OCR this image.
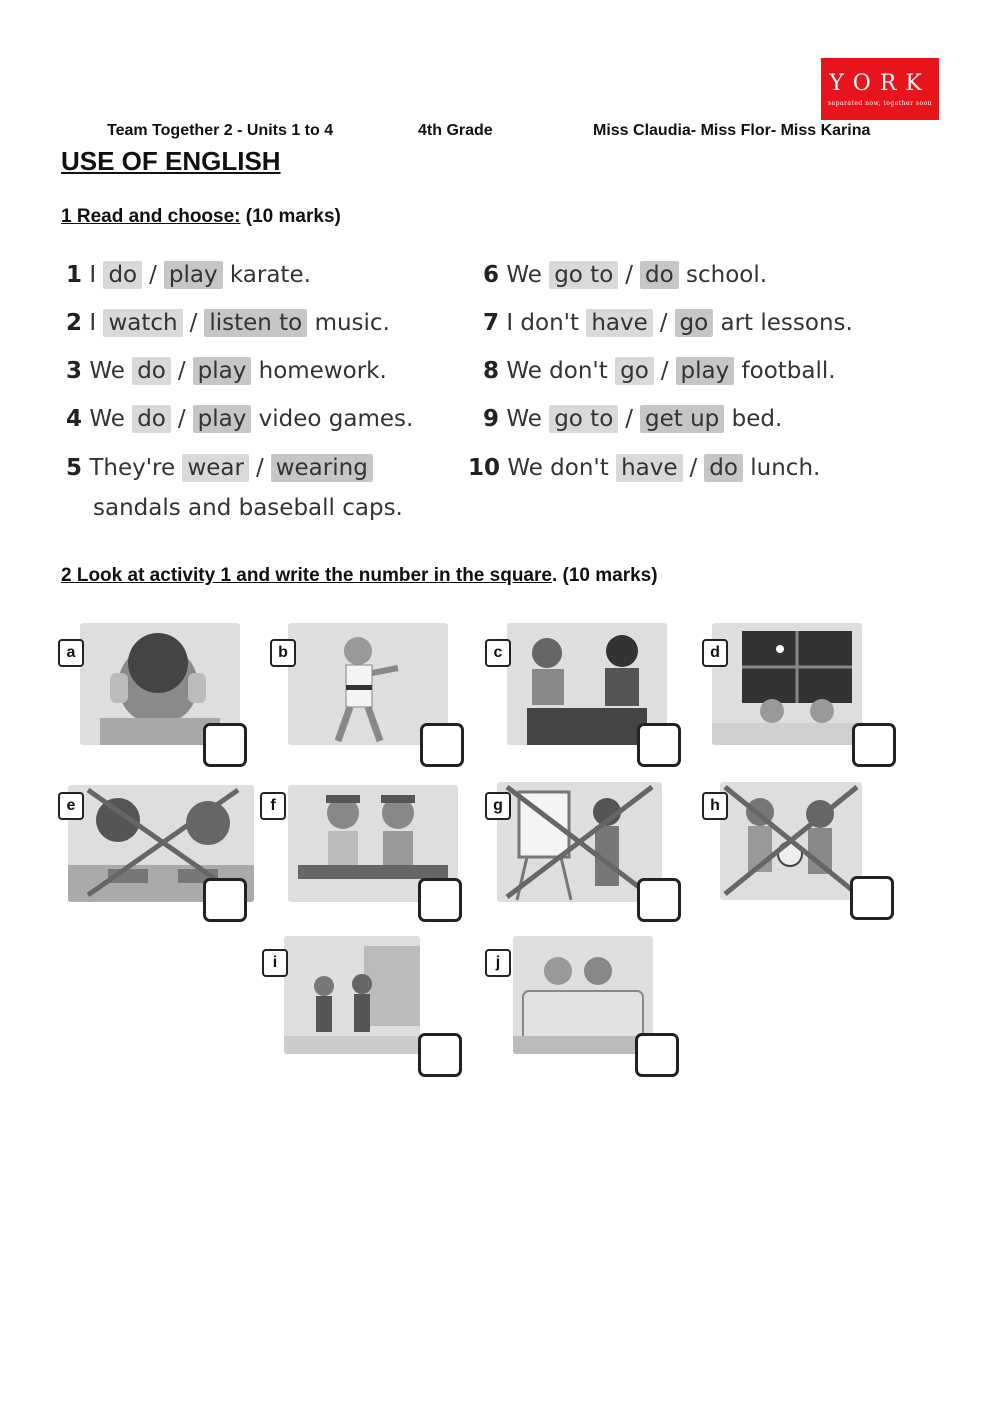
YORK
separated now, together soon
Team Together 2 - Units 1 to 4	4th Grade	Miss Claudia- Miss Flor- Miss Karina
USE OF ENGLISH
1 Read and choose: (10 marks)
1 I do / play karate.
2 I watch / listen to music.
3 We do / play homework.
4 We do / play video games.
5 They're wear / wearing
sandals and baseball caps.
6 We go to / do school.
7 I don't have / go art lessons.
8 We don't go / play football.
9 We go to / get up bed.
10 We don't have / do lunch.
2 Look at activity 1 and write the number in the square. (10 marks)
a	b	c	d
e	f	g	h
i	j
